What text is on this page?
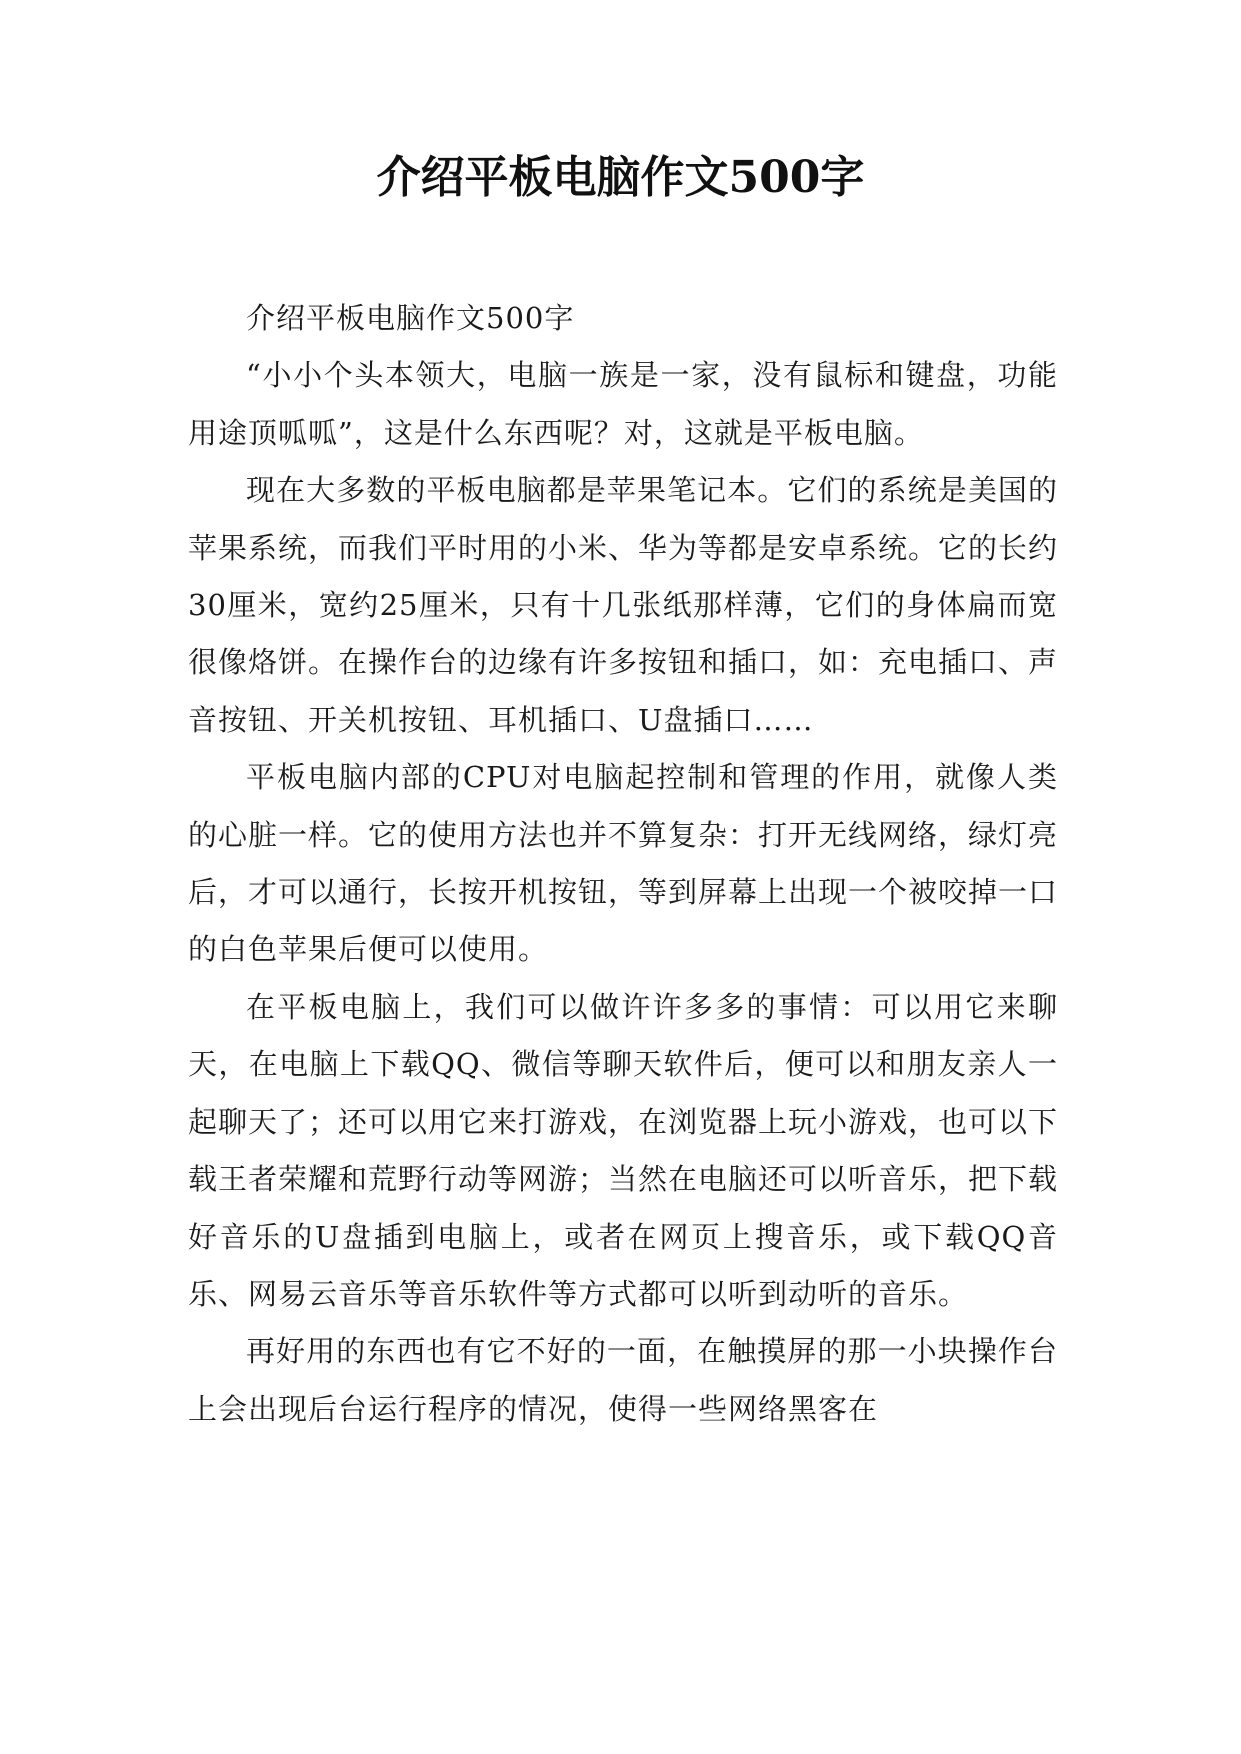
介绍平板电脑作文500字

介绍平板电脑作文500字

“小小个头本领大，电脑一族是一家，没有鼠标和键盘，功能用途顶呱呱”，这是什么东西呢？对，这就是平板电脑。

现在大多数的平板电脑都是苹果笔记本。它们的系统是美国的苹果系统，而我们平时用的小米、华为等都是安卓系统。它的长约30厘米，宽约25厘米，只有十几张纸那样薄，它们的身体扁而宽很像烙饼。在操作台的边缘有许多按钮和插口，如：充电插口、声音按钮、开关机按钮、耳机插口、U盘插口……

平板电脑内部的CPU对电脑起控制和管理的作用，就像人类的心脏一样。它的使用方法也并不算复杂：打开无线网络，绿灯亮后，才可以通行，长按开机按钮，等到屏幕上出现一个被咬掉一口的白色苹果后便可以使用。

在平板电脑上，我们可以做许许多多的事情：可以用它来聊天，在电脑上下载QQ、微信等聊天软件后，便可以和朋友亲人一起聊天了；还可以用它来打游戏，在浏览器上玩小游戏，也可以下载王者荣耀和荒野行动等网游；当然在电脑还可以听音乐，把下载好音乐的U盘插到电脑上，或者在网页上搜音乐，或下载QQ音乐、网易云音乐等音乐软件等方式都可以听到动听的音乐。

再好用的东西也有它不好的一面，在触摸屏的那一小块操作台上会出现后台运行程序的情况，使得一些网络黑客在
